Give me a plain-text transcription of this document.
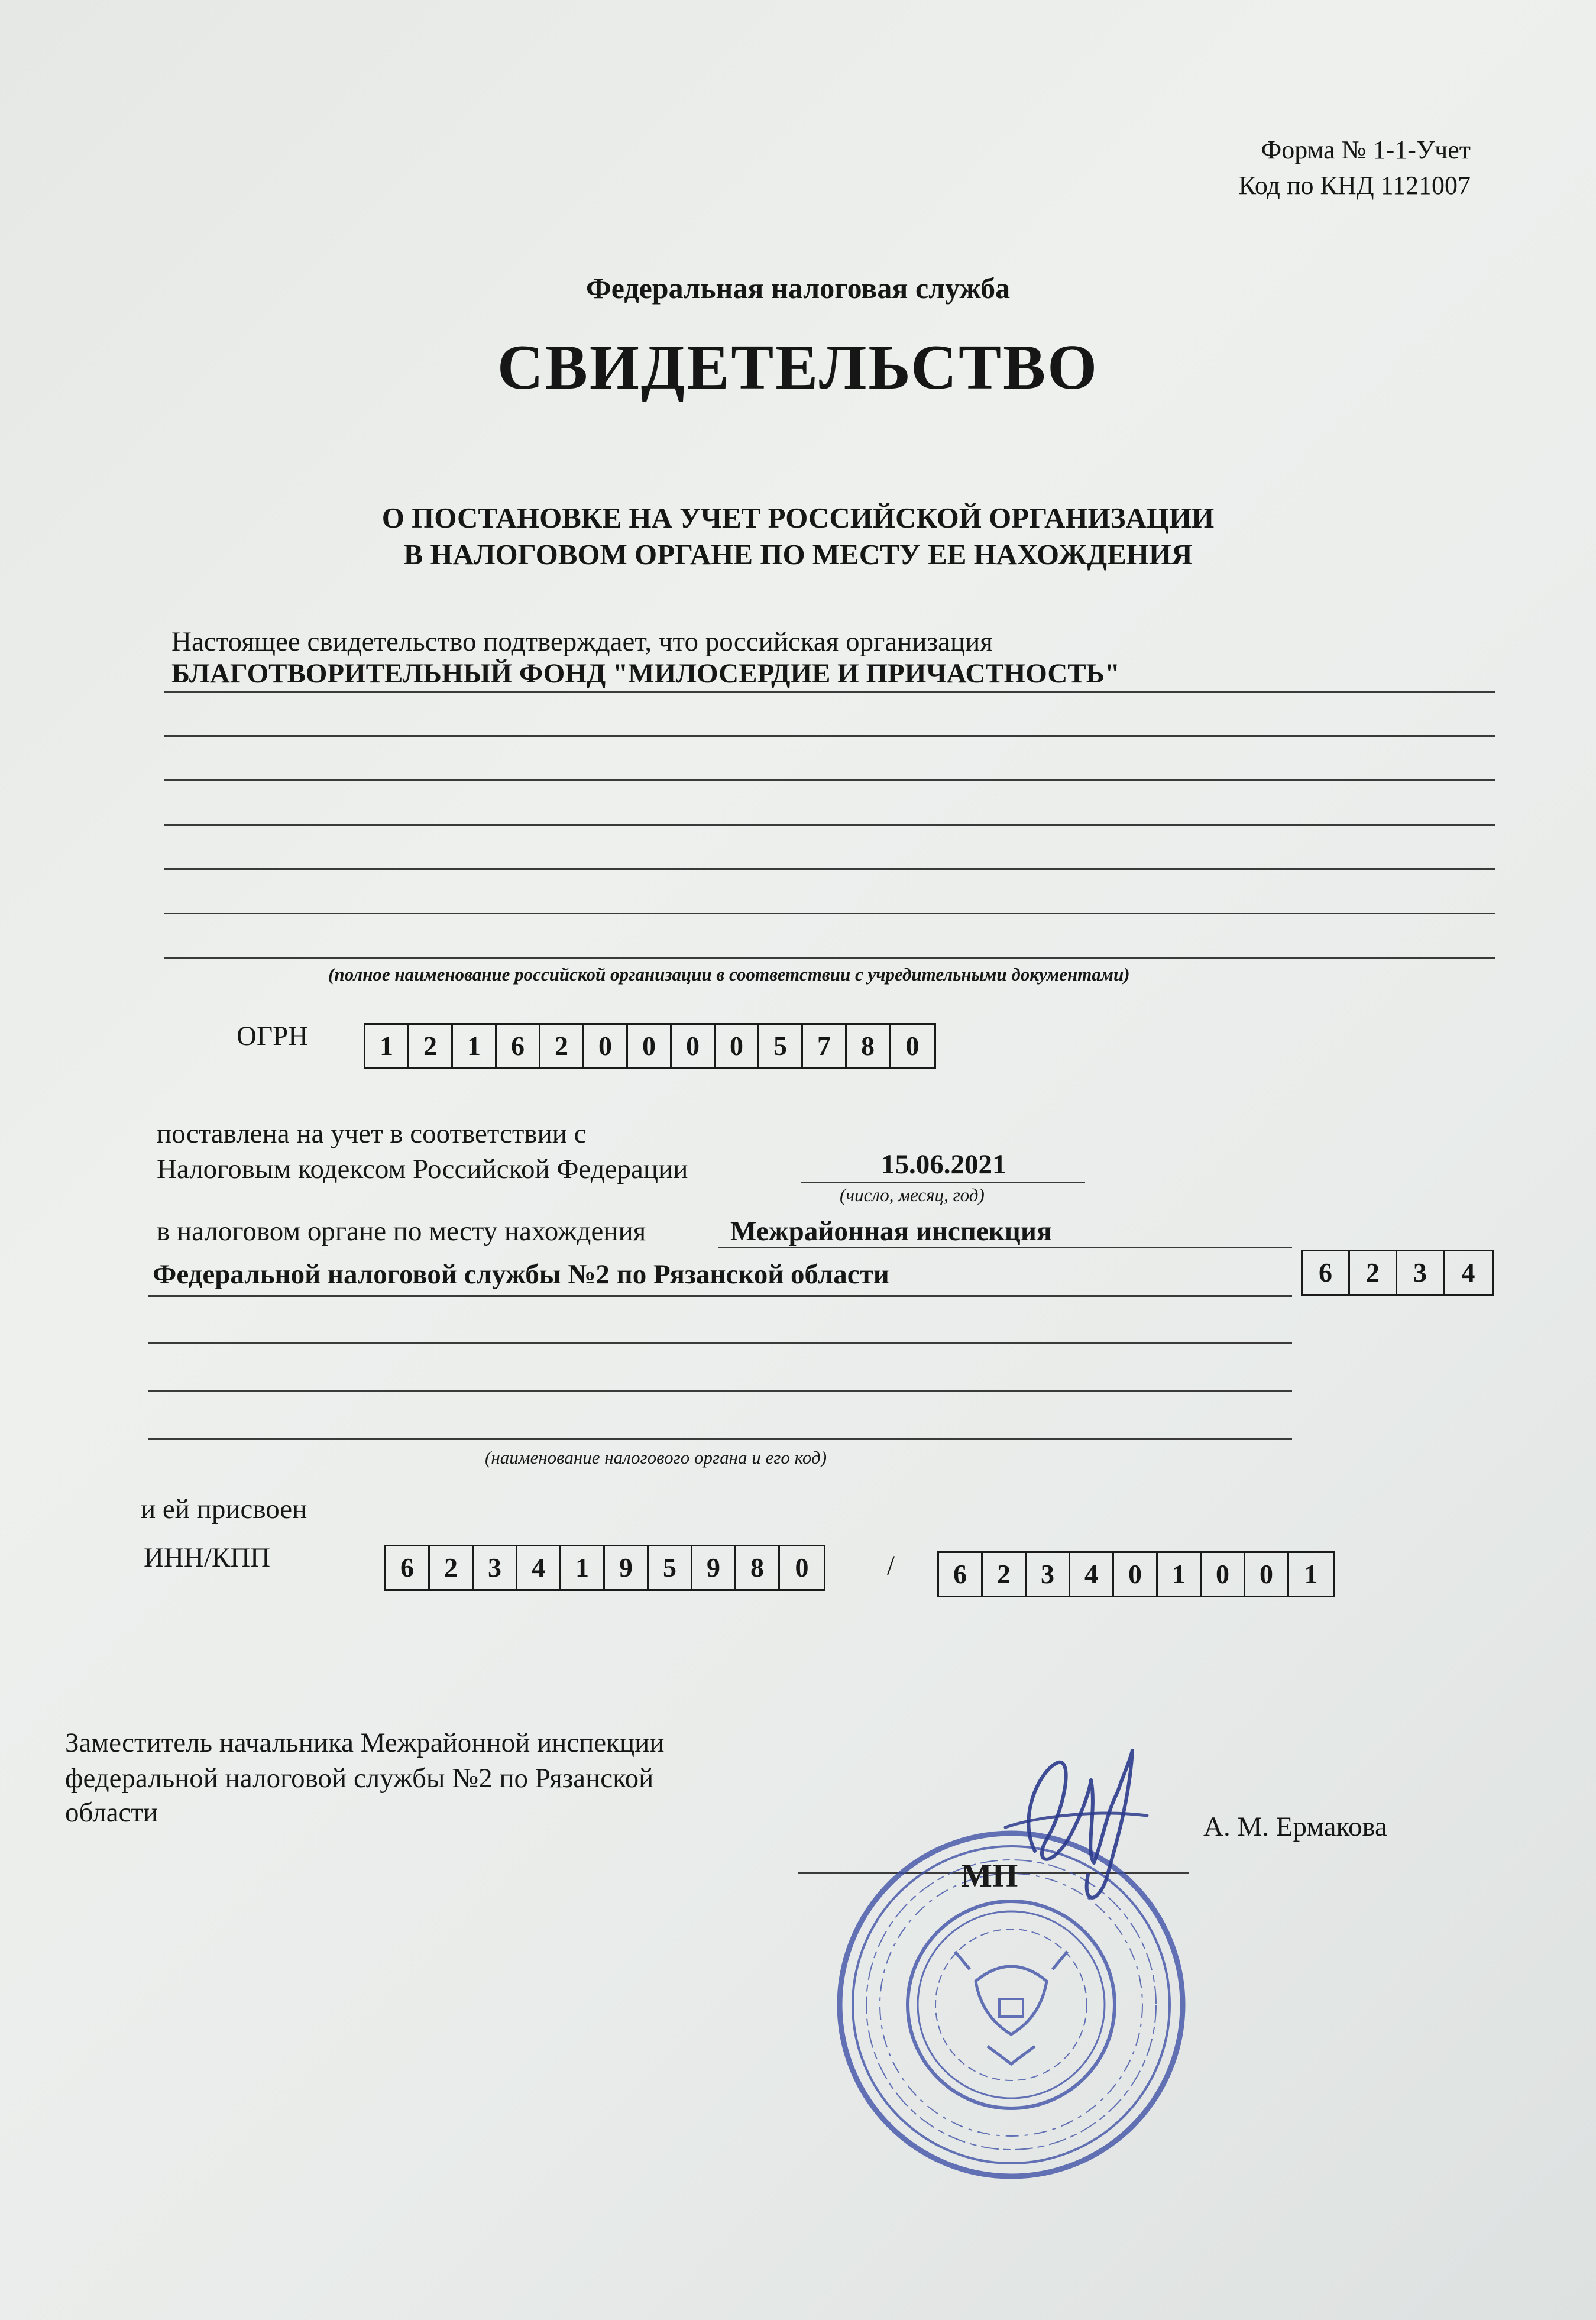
Форма № 1-1-Учет
Код по КНД 1121007
Федеральная налоговая служба
СВИДЕТЕЛЬСТВО
О ПОСТАНОВКЕ НА УЧЕТ РОССИЙСКОЙ ОРГАНИЗАЦИИ
В НАЛОГОВОМ ОРГАНЕ ПО МЕСТУ ЕЕ НАХОЖДЕНИЯ
Настоящее свидетельство подтверждает, что российская организация
БЛАГОТВОРИТЕЛЬНЫЙ ФОНД "МИЛОСЕРДИЕ И ПРИЧАСТНОСТЬ"
(полное наименование российской организации в соответствии с учредительными документами)
ОГРН	1	2	1	6	2	0	0	0	0	5	7	8	0
поставлена на учет в соответствии с
Налоговым кодексом Российской Федерации	15.06.2021
(число, месяц, год)
в налоговом органе по месту нахождения	Межрайонная инспекция
Федеральной налоговой службы №2 по Рязанской области	6	2	3	4
(наименование налогового органа и его код)
и ей присвоен
ИНН/КПП	6	2	3	4	1	9	5	9	8	0	/	6	2	3	4	0	1	0	0	1
Заместитель начальника Межрайонной инспекции
федеральной налоговой службы №2 по Рязанской
области	А. М. Ермакова
МП
